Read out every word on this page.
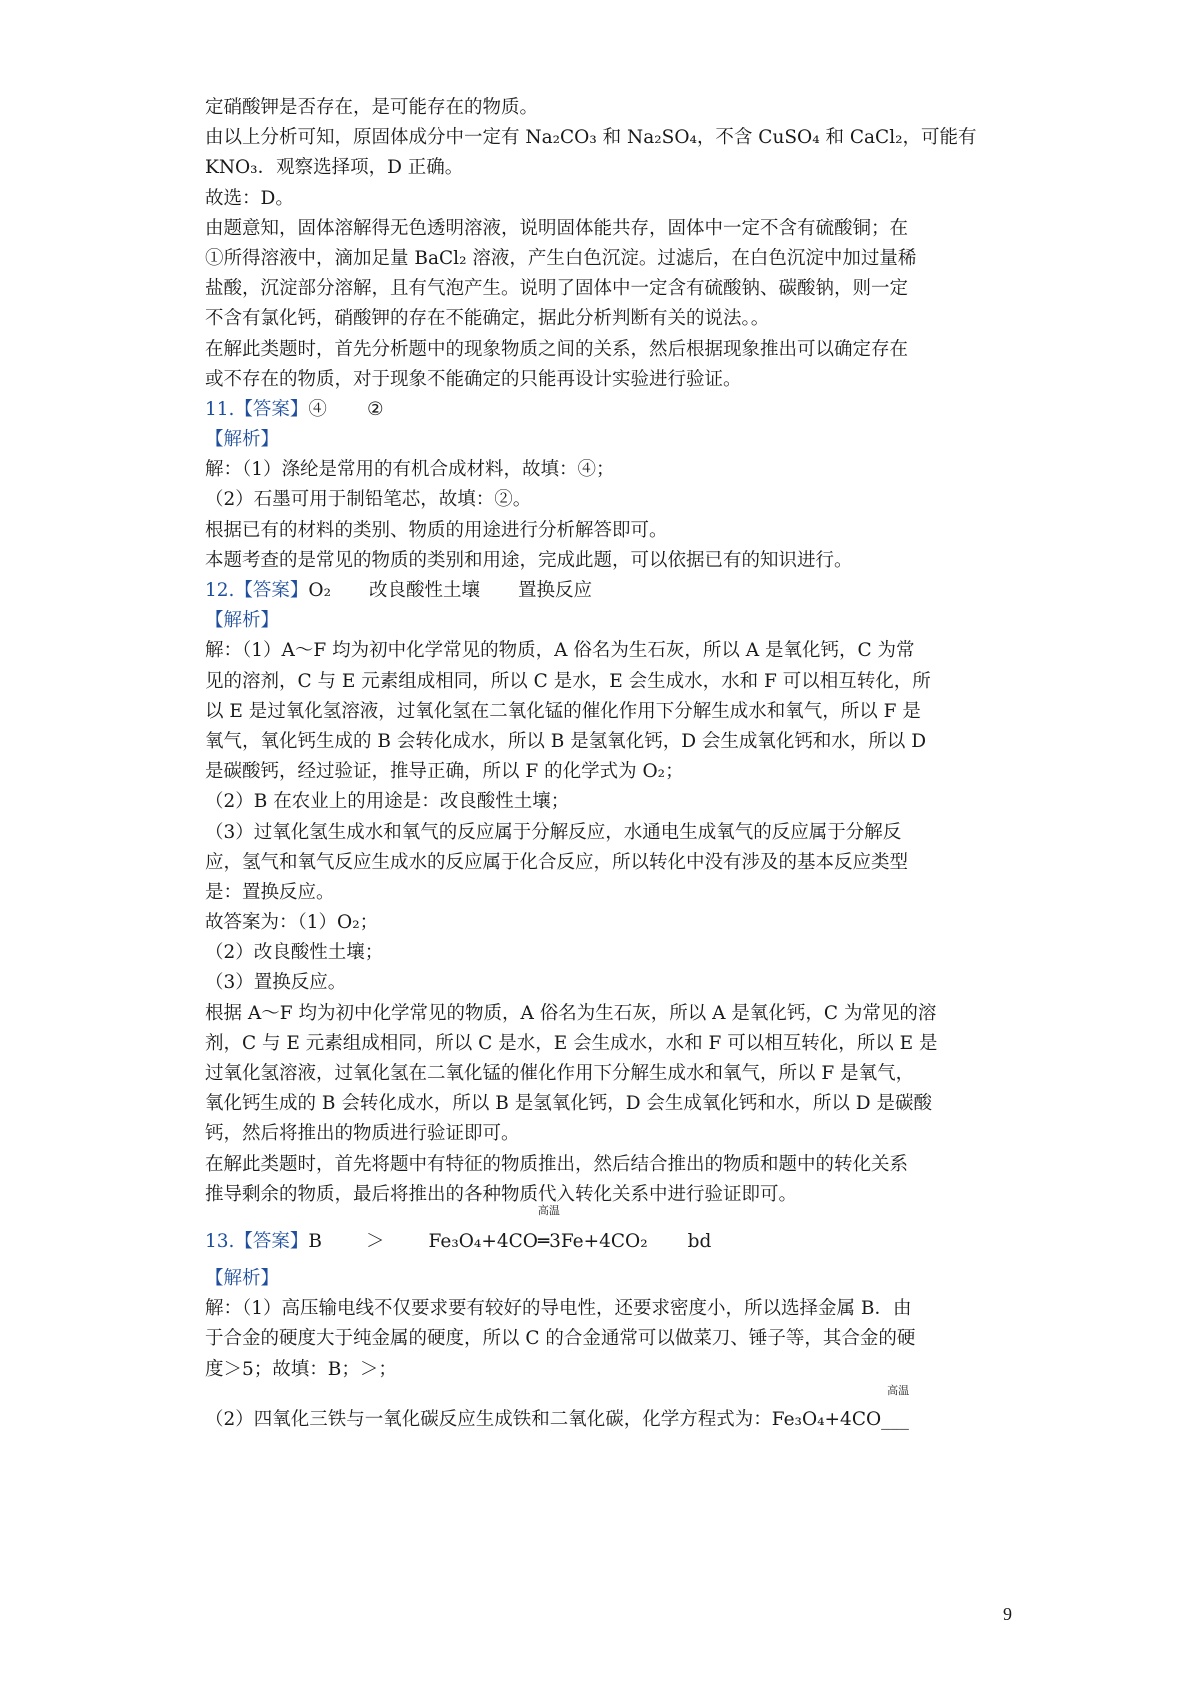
定硝酸钾是否存在，是可能存在的物质。
由以上分析可知，原固体成分中一定有 Na₂CO₃ 和 Na₂SO₄，不含 CuSO₄ 和 CaCl₂，可能有
KNO₃．观察选择项，D 正确。
故选：D。
由题意知，固体溶解得无色透明溶液，说明固体能共存，固体中一定不含有硫酸铜；在
①所得溶液中，滴加足量 BaCl₂ 溶液，产生白色沉淀。过滤后，在白色沉淀中加过量稀
盐酸，沉淀部分溶解，且有气泡产生。说明了固体中一定含有硫酸钠、碳酸钠，则一定
不含有氯化钙，硝酸钾的存在不能确定，据此分析判断有关的说法。。
在解此类题时，首先分析题中的现象物质之间的关系，然后根据现象推出可以确定存在
或不存在的物质，对于现象不能确定的只能再设计实验进行验证。
11.【答案】④ ②
【解析】
解：（1）涤纶是常用的有机合成材料，故填：④；
（2）石墨可用于制铅笔芯，故填：②。
根据已有的材料的类别、物质的用途进行分析解答即可。
本题考查的是常见的物质的类别和用途，完成此题，可以依据已有的知识进行。
12.【答案】O₂ 改良酸性土壤 置换反应
【解析】
解：（1）A～F 均为初中化学常见的物质，A 俗名为生石灰，所以 A 是氧化钙，C 为常
见的溶剂，C 与 E 元素组成相同，所以 C 是水，E 会生成水，水和 F 可以相互转化，所
以 E 是过氧化氢溶液，过氧化氢在二氧化锰的催化作用下分解生成水和氧气，所以 F 是
氧气，氧化钙生成的 B 会转化成水，所以 B 是氢氧化钙，D 会生成氧化钙和水，所以 D
是碳酸钙，经过验证，推导正确，所以 F 的化学式为 O₂；
（2）B 在农业上的用途是：改良酸性土壤；
（3）过氧化氢生成水和氧气的反应属于分解反应，水通电生成氧气的反应属于分解反
应，氢气和氧气反应生成水的反应属于化合反应，所以转化中没有涉及的基本反应类型
是：置换反应。
故答案为：（1）O₂；
（2）改良酸性土壤；
（3）置换反应。
根据 A～F 均为初中化学常见的物质，A 俗名为生石灰，所以 A 是氧化钙，C 为常见的溶
剂，C 与 E 元素组成相同，所以 C 是水，E 会生成水，水和 F 可以相互转化，所以 E 是
过氧化氢溶液，过氧化氢在二氧化锰的催化作用下分解生成水和氧气，所以 F 是氧气，
氧化钙生成的 B 会转化成水，所以 B 是氢氧化钙，D 会生成氧化钙和水，所以 D 是碳酸
钙，然后将推出的物质进行验证即可。
在解此类题时，首先将题中有特征的物质推出，然后结合推出的物质和题中的转化关系
推导剩余的物质，最后将推出的各种物质代入转化关系中进行验证即可。
13.【答案】B ＞ Fe₃O₄+4CO
高温
═3Fe+4CO₂ bd
【解析】
解：（1）高压输电线不仅要求要有较好的导电性，还要求密度小，所以选择金属 B．由
于合金的硬度大于纯金属的硬度，所以 C 的合金通常可以做菜刀、锤子等，其合金的硬
度＞5；故填：B；＞；
（2）四氧化三铁与一氧化碳反应生成铁和二氧化碳，化学方程式为：Fe₃O₄+4CO
高温
___
9
